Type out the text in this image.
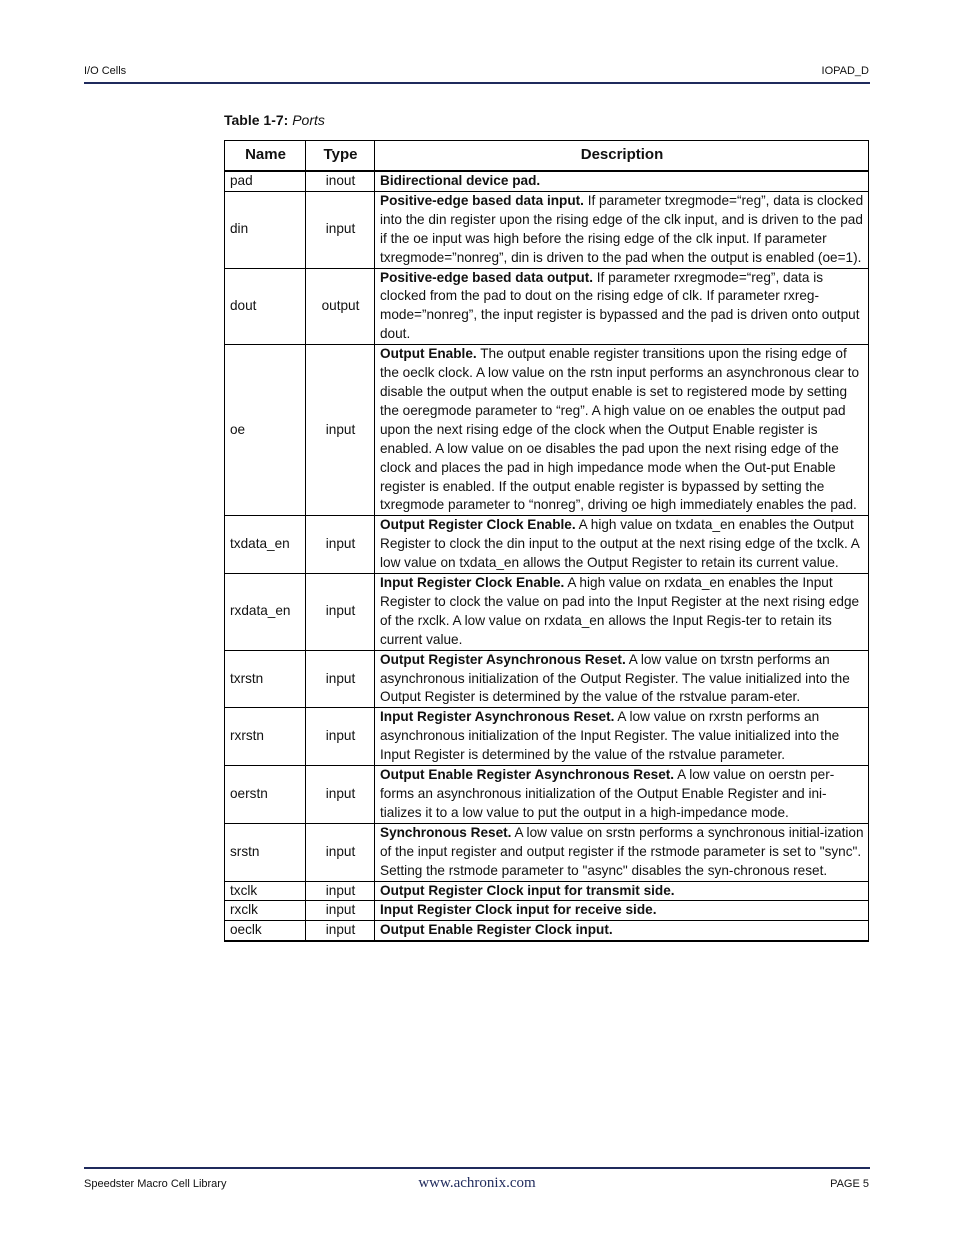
I/O Cells	IOPAD_D
Table 1-7: Ports
Name	Type	Description
pad	inout	Bidirectional device pad.
din	input	Positive-edge based data input. If parameter txregmode=“reg”, data is clocked into the din register upon the rising edge of the clk input, and is driven to the pad if the oe input was high before the rising edge of the clk input. If parameter txregmode=”nonreg”, din is driven to the pad when the output is enabled (oe=1).
dout	output	Positive-edge based data output. If parameter rxregmode=“reg”, data is clocked from the pad to dout on the rising edge of clk. If parameter rxreg-mode=”nonreg”, the input register is bypassed and the pad is driven onto output dout.
oe	input	Output Enable. The output enable register transitions upon the rising edge of the oeclk clock. A low value on the rstn input performs an asynchronous clear to disable the output when the output enable is set to registered mode by setting the oeregmode parameter to “reg”. A high value on oe enables the output pad upon the next rising edge of the clock when the Output Enable register is enabled. A low value on oe disables the pad upon the next rising edge of the clock and places the pad in high impedance mode when the Out-put Enable register is enabled. If the output enable register is bypassed by setting the txregmode parameter to “nonreg”, driving oe high immediately enables the pad.
txdata_en	input	Output Register Clock Enable. A high value on txdata_en enables the Output Register to clock the din input to the output at the next rising edge of the txclk. A low value on txdata_en allows the Output Register to retain its current value.
rxdata_en	input	Input Register Clock Enable. A high value on rxdata_en enables the Input Register to clock the value on pad into the Input Register at the next rising edge of the rxclk. A low value on rxdata_en allows the Input Regis-ter to retain its current value.
txrstn	input	Output Register Asynchronous Reset. A low value on txrstn performs an asynchronous initialization of the Output Register. The value initialized into the Output Register is determined by the value of the rstvalue param-eter.
rxrstn	input	Input Register Asynchronous Reset. A low value on rxrstn performs an asynchronous initialization of the Input Register. The value initialized into the Input Register is determined by the value of the rstvalue parameter.
oerstn	input	Output Enable Register Asynchronous Reset. A low value on oerstn per-forms an asynchronous initialization of the Output Enable Register and ini-tializes it to a low value to put the output in a high-impedance mode.
srstn	input	Synchronous Reset. A low value on srstn performs a synchronous initial-ization of the input register and output register if the rstmode parameter is set to "sync". Setting the rstmode parameter to "async" disables the syn-chronous reset.
txclk	input	Output Register Clock input for transmit side.
rxclk	input	Input Register Clock input for receive side.
oeclk	input	Output Enable Register Clock input.
Speedster Macro Cell Library	www.achronix.com	PAGE 5
